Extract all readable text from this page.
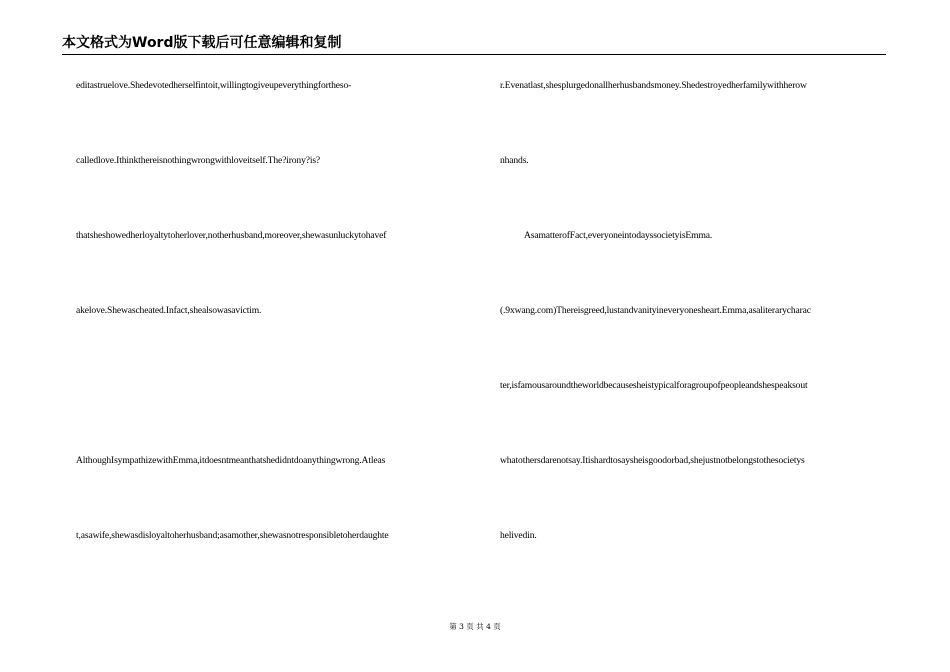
本文格式为Word版下载后可任意编辑和复制
editastruelove.Shedevotedherselfintoit,willingtogiveupeverythingfortheso-
calledlove.Ithinkthereisnothingwrongwithloveitself.The?irony?is?
thatsheshowedherloyaltytoherlover,notherhusband,moreover,shewasunluckytohavef
akelove.Shewascheated.Infact,shealsowasavictim.
AlthoughIsympathizewithEmma,itdoesntmeanthatshedidntdoanythingwrong.Atleas
t,asawife,shewasdisloyaltoherhusband;asamother,shewasnotresponsibletoherdaughte
r.Evenatlast,shesplurgedonallherhusbandsmoney.Shedestroyedherfamilywithherow
nhands.
AsamatterofFact,everyoneintodayssocietyisEmma.
(.9xwang.com)Thereisgreed,lustandvanityineveryonesheart.Emma,asaliterarycharac
ter,isfamousaroundtheworldbecausesheistypicalforagroupofpeopleandshespeaksout
whatothersdarenotsay.Itishardtosaysheisgoodorbad,shejustnotbelongstothesocietys
helivedin.
第 3 页 共 4 页
